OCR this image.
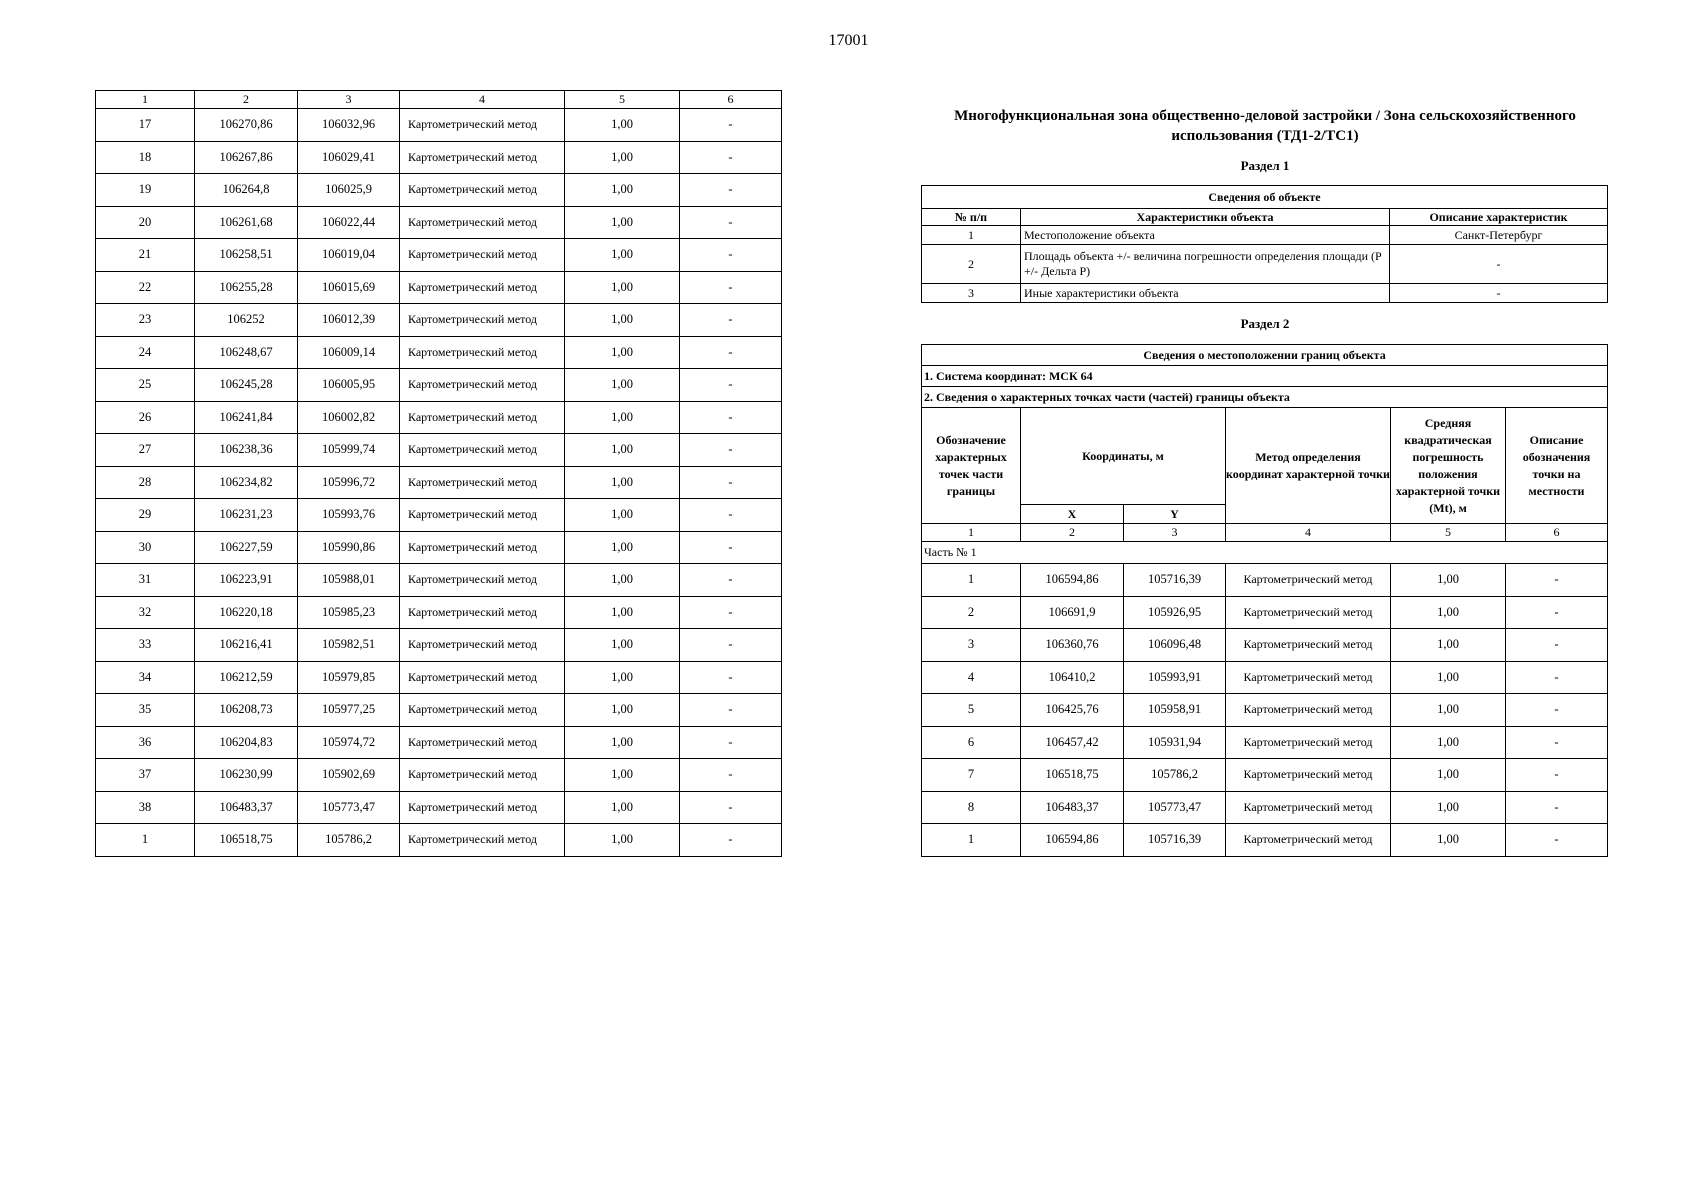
17001
1	2	3	4	5	6
17	106270,86	106032,96	Картометрический метод	1,00	-
18	106267,86	106029,41	Картометрический метод	1,00	-
19	106264,8	106025,9	Картометрический метод	1,00	-
20	106261,68	106022,44	Картометрический метод	1,00	-
21	106258,51	106019,04	Картометрический метод	1,00	-
22	106255,28	106015,69	Картометрический метод	1,00	-
23	106252	106012,39	Картометрический метод	1,00	-
24	106248,67	106009,14	Картометрический метод	1,00	-
25	106245,28	106005,95	Картометрический метод	1,00	-
26	106241,84	106002,82	Картометрический метод	1,00	-
27	106238,36	105999,74	Картометрический метод	1,00	-
28	106234,82	105996,72	Картометрический метод	1,00	-
29	106231,23	105993,76	Картометрический метод	1,00	-
30	106227,59	105990,86	Картометрический метод	1,00	-
31	106223,91	105988,01	Картометрический метод	1,00	-
32	106220,18	105985,23	Картометрический метод	1,00	-
33	106216,41	105982,51	Картометрический метод	1,00	-
34	106212,59	105979,85	Картометрический метод	1,00	-
35	106208,73	105977,25	Картометрический метод	1,00	-
36	106204,83	105974,72	Картометрический метод	1,00	-
37	106230,99	105902,69	Картометрический метод	1,00	-
38	106483,37	105773,47	Картометрический метод	1,00	-
1	106518,75	105786,2	Картометрический метод	1,00	-
Многофункциональная зона общественно-деловой застройки / Зона сельскохозяйственного использования (ТД1-2/ТС1)
Раздел 1
Сведения об объекте		
№ п/п	Характеристики объекта	Описание характеристик
1	Местоположение объекта	Санкт-Петербург
2	Площадь объекта +/- величина погрешности определения площади (Р +/- Дельта Р)	-
3	Иные характеристики объекта	-
Раздел 2
Сведения о местоположении границ объекта					
1. Система координат: МСК 64					
2. Сведения о характерных точках части (частей) границы объекта					
Обозначение характерных точек части границы	Координаты, м		Метод определения координат характерной точки	Средняя квадратическая погрешность положения характерной точки (Мt), м	Описание обозначения точки на местности
	X	Y			
1	2	3	4	5	6
Часть № 1					
1	106594,86	105716,39	Картометрический метод	1,00	-
2	106691,9	105926,95	Картометрический метод	1,00	-
3	106360,76	106096,48	Картометрический метод	1,00	-
4	106410,2	105993,91	Картометрический метод	1,00	-
5	106425,76	105958,91	Картометрический метод	1,00	-
6	106457,42	105931,94	Картометрический метод	1,00	-
7	106518,75	105786,2	Картометрический метод	1,00	-
8	106483,37	105773,47	Картометрический метод	1,00	-
1	106594,86	105716,39	Картометрический метод	1,00	-
